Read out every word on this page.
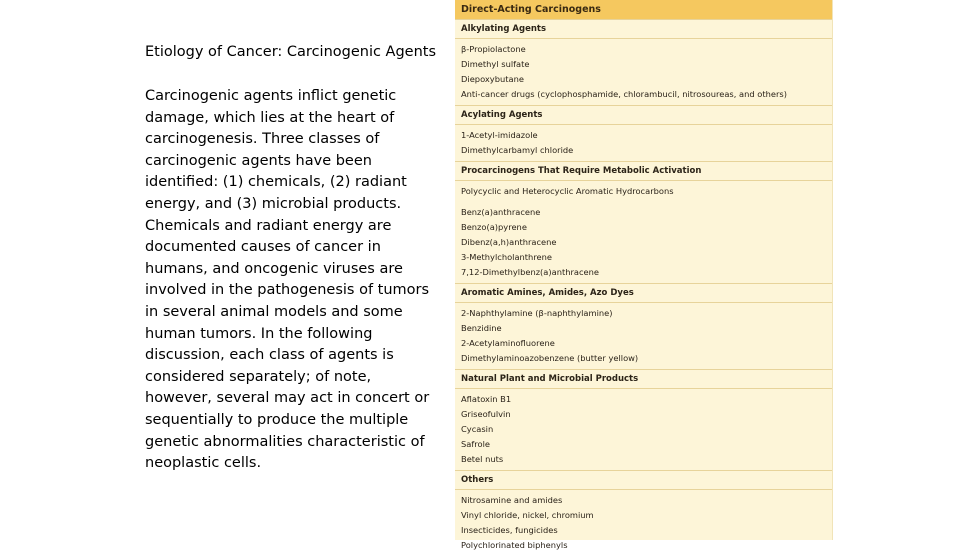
Etiology of Cancer: Carcinogenic Agents

Carcinogenic agents inflict genetic damage, which lies at the heart of carcinogenesis. Three classes of carcinogenic agents have been identified: (1) chemicals, (2) radiant energy, and (3) microbial products. Chemicals and radiant energy are documented causes of cancer in humans, and oncogenic viruses are involved in the pathogenesis of tumors in several animal models and some human tumors. In the following discussion, each class of agents is considered separately; of note, however, several may act in concert or sequentially to produce the multiple genetic abnormalities characteristic of neoplastic cells.

Direct-Acting Carcinogens
Alkylating Agents
β-Propiolactone
Dimethyl sulfate
Diepoxybutane
Anti-cancer drugs (cyclophosphamide, chlorambucil, nitrosoureas, and others)
Acylating Agents
1-Acetyl-imidazole
Dimethylcarbamyl chloride
Procarcinogens That Require Metabolic Activation
Polycyclic and Heterocyclic Aromatic Hydrocarbons
Benz(a)anthracene
Benzo(a)pyrene
Dibenz(a,h)anthracene
3-Methylcholanthrene
7,12-Dimethylbenz(a)anthracene
Aromatic Amines, Amides, Azo Dyes
2-Naphthylamine (β-naphthylamine)
Benzidine
2-Acetylaminofluorene
Dimethylaminoazobenzene (butter yellow)
Natural Plant and Microbial Products
Aflatoxin B1
Griseofulvin
Cycasin
Safrole
Betel nuts
Others
Nitrosamine and amides
Vinyl chloride, nickel, chromium
Insecticides, fungicides
Polychlorinated biphenyls
